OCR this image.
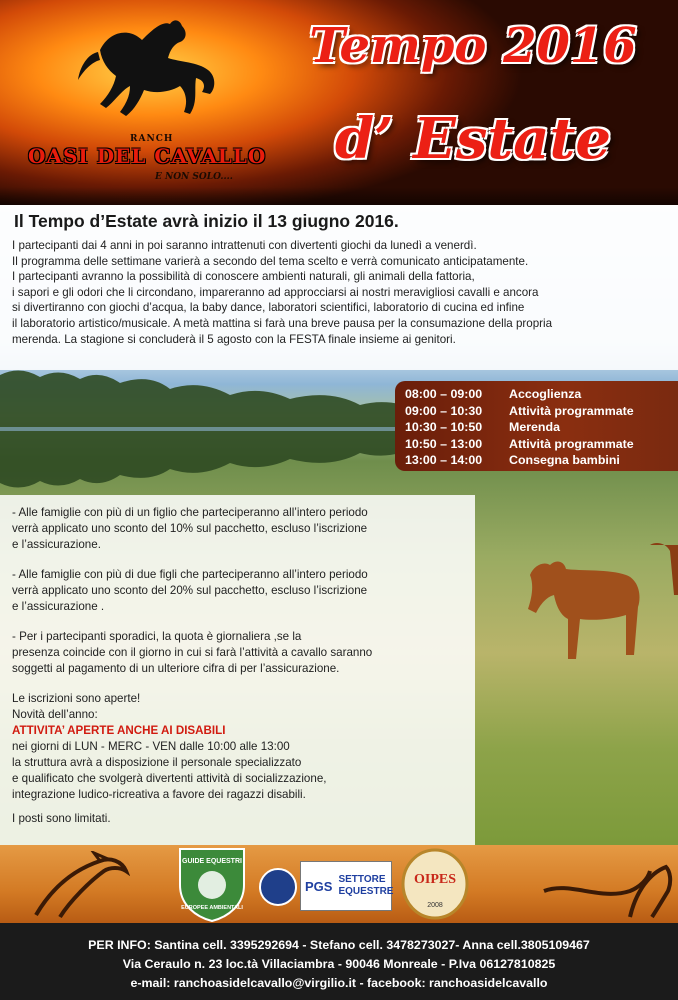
RANCH
OASI DEL CAVALLO
E NON SOLO....
Tempo 2016
d’ Estate
Il Tempo d’Estate avrà inizio il 13 giugno 2016.

I partecipanti dai 4 anni in poi saranno intrattenuti con divertenti giochi da lunedì a venerdì.

Il programma delle settimane varierà a secondo del tema scelto e verrà comunicato anticipatamente.

I partecipanti avranno la possibilità di conoscere ambienti naturali, gli animali della fattoria,

i sapori e gli odori che li circondano, impareranno ad approcciarsi ai nostri meravigliosi cavalli e ancora

si divertiranno con giochi d’acqua, la baby dance, laboratori scientifici, laboratorio di cucina ed infine

il laboratorio artistico/musicale. A metà mattina si farà una breve pausa per la consumazione della propria

merenda. La stagione si concluderà il 5 agosto con la FESTA finale insieme ai genitori.

08:00 – 09:00 Accoglienza
09:00 – 10:30 Attività programmate
10:30 – 10:50 Merenda
10:50 – 13:00 Attività programmate
13:00 – 14:00 Consegna bambini
- Alle famiglie con più di un figlio che parteciperanno all’intero periodo
verrà applicato uno sconto del 10% sul pacchetto, escluso l’iscrizione
e l’assicurazione.
- Alle famiglie con più di due figli che parteciperanno all’intero periodo
verrà applicato uno sconto del 20% sul pacchetto, escluso l’iscrizione
e l’assicurazione .
- Per i partecipanti sporadici, la quota è giornaliera ,se la
presenza coincide con il giorno in cui si farà l’attività a cavallo saranno
soggetti al pagamento di un ulteriore cifra di per l’assicurazione.
Le iscrizioni sono aperte!
Novità dell’anno:
ATTIVITA’ APERTE ANCHE AI DISABILI
nei giorni di LUN - MERC - VEN dalle 10:00 alle 13:00
la struttura avrà a disposizione il personale specializzato
e qualificato che svolgerà divertenti attività di socializzazione,
integrazione ludico-ricreativa a favore dei ragazzi disabili.
I posti sono limitati.
GUIDE EQUESTRI
EUROPEE AMBIENTALI
PGS SETTORE
EQUESTRE
OIPES
2008
PER INFO: Santina cell. 3395292694 - Stefano cell. 3478273027- Anna cell.3805109467
Via Ceraulo n. 23 loc.tà Villaciambra - 90046 Monreale - P.Iva 06127810825
e-mail: ranchoasidelcavallo@virgilio.it - facebook: ranchoasidelcavallo
